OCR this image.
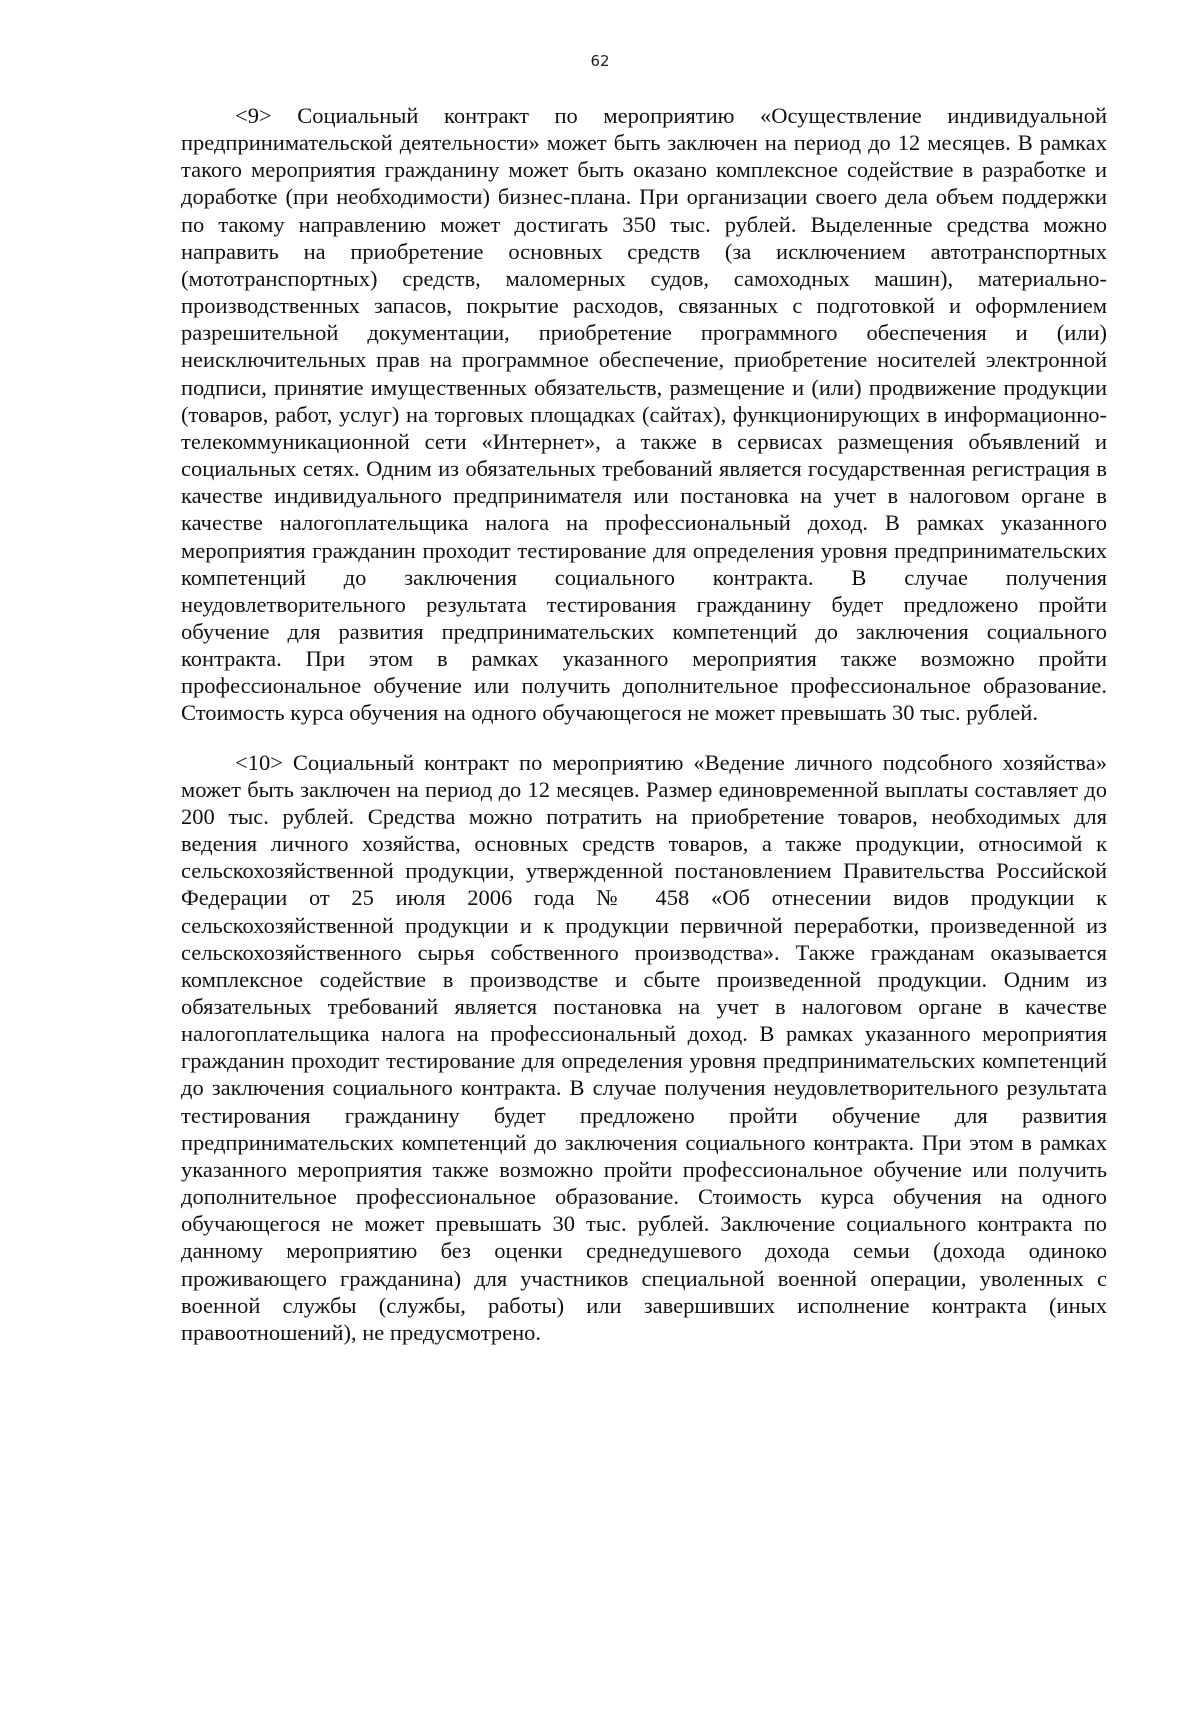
62

<9> Социальный контракт по мероприятию «Осуществление индивидуальной предпринимательской деятельности» может быть заключен на период до 12 месяцев. В рамках такого мероприятия гражданину может быть оказано комплексное содействие в разработке и доработке (при необходимости) бизнес-плана. При организации своего дела объем поддержки по такому направлению может достигать 350 тыс. рублей. Выделенные средства можно направить на приобретение основных средств (за исключением автотранспортных (мототранспортных) средств, маломерных судов, самоходных машин), материально-производственных запасов, покрытие расходов, связанных с подготовкой и оформлением разрешительной документации, приобретение программного обеспечения и (или) неисключительных прав на программное обеспечение, приобретение носителей электронной подписи, принятие имущественных обязательств, размещение и (или) продвижение продукции (товаров, работ, услуг) на торговых площадках (сайтах), функционирующих в информационно-телекоммуникационной сети «Интернет», а также в сервисах размещения объявлений и социальных сетях. Одним из обязательных требований является государственная регистрация в качестве индивидуального предпринимателя или постановка на учет в налоговом органе в качестве налогоплательщика налога на профессиональный доход. В рамках указанного мероприятия гражданин проходит тестирование для определения уровня предпринимательских компетенций до заключения социального контракта. В случае получения неудовлетворительного результата тестирования гражданину будет предложено пройти обучение для развития предпринимательских компетенций до заключения социального контракта. При этом в рамках указанного мероприятия также возможно пройти профессиональное обучение или получить дополнительное профессиональное образование. Стоимость курса обучения на одного обучающегося не может превышать 30 тыс. рублей.

<10> Социальный контракт по мероприятию «Ведение личного подсобного хозяйства» может быть заключен на период до 12 месяцев. Размер единовременной выплаты составляет до 200 тыс. рублей. Средства можно потратить на приобретение товаров, необходимых для ведения личного хозяйства, основных средств товаров, а также продукции, относимой к сельскохозяйственной продукции, утвержденной постановлением Правительства Российской Федерации от 25 июля 2006 года № 458 «Об отнесении видов продукции к сельскохозяйственной продукции и к продукции первичной переработки, произведенной из сельскохозяйственного сырья собственного производства». Также гражданам оказывается комплексное содействие в производстве и сбыте произведенной продукции. Одним из обязательных требований является постановка на учет в налоговом органе в качестве налогоплательщика налога на профессиональный доход. В рамках указанного мероприятия гражданин проходит тестирование для определения уровня предпринимательских компетенций до заключения социального контракта. В случае получения неудовлетворительного результата тестирования гражданину будет предложено пройти обучение для развития предпринимательских компетенций до заключения социального контракта. При этом в рамках указанного мероприятия также возможно пройти профессиональное обучение или получить дополнительное профессиональное образование. Стоимость курса обучения на одного обучающегося не может превышать 30 тыс. рублей. Заключение социального контракта по данному мероприятию без оценки среднедушевого дохода семьи (дохода одиноко проживающего гражданина) для участников специальной военной операции, уволенных с военной службы (службы, работы) или завершивших исполнение контракта (иных правоотношений), не предусмотрено.
